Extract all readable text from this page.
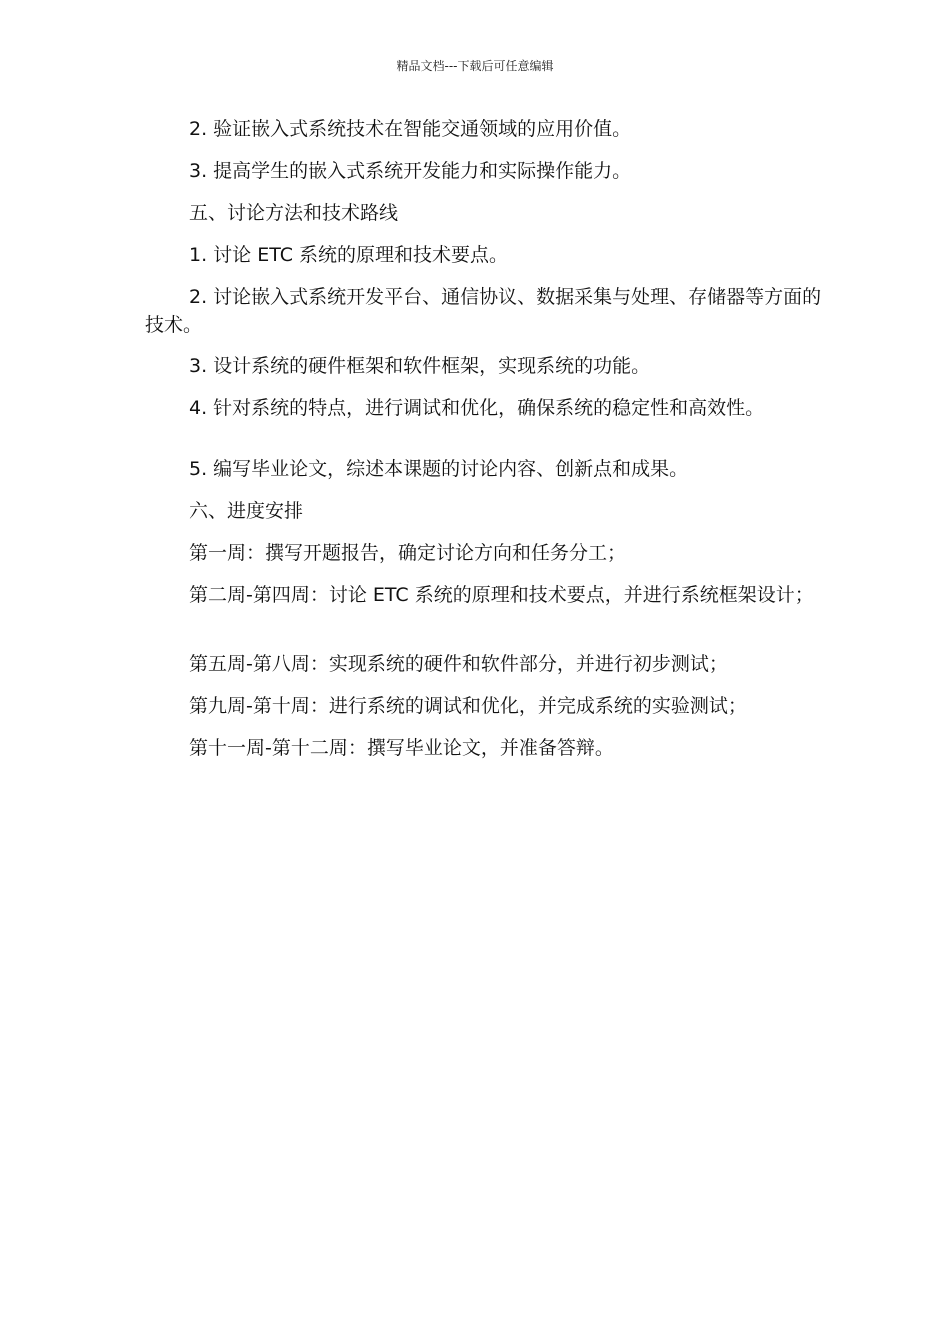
精品文档---下载后可任意编辑
2. 验证嵌入式系统技术在智能交通领域的应用价值。
3. 提高学生的嵌入式系统开发能力和实际操作能力。
五、讨论方法和技术路线
1. 讨论 ETC 系统的原理和技术要点。
2. 讨论嵌入式系统开发平台、通信协议、数据采集与处理、存储器等方面的技术。
3. 设计系统的硬件框架和软件框架，实现系统的功能。
4. 针对系统的特点，进行调试和优化，确保系统的稳定性和高效性。
5. 编写毕业论文，综述本课题的讨论内容、创新点和成果。
六、进度安排
第一周：撰写开题报告，确定讨论方向和任务分工；
第二周-第四周：讨论 ETC 系统的原理和技术要点，并进行系统框架设计；
第五周-第八周：实现系统的硬件和软件部分，并进行初步测试；
第九周-第十周：进行系统的调试和优化，并完成系统的实验测试；
第十一周-第十二周：撰写毕业论文，并准备答辩。
